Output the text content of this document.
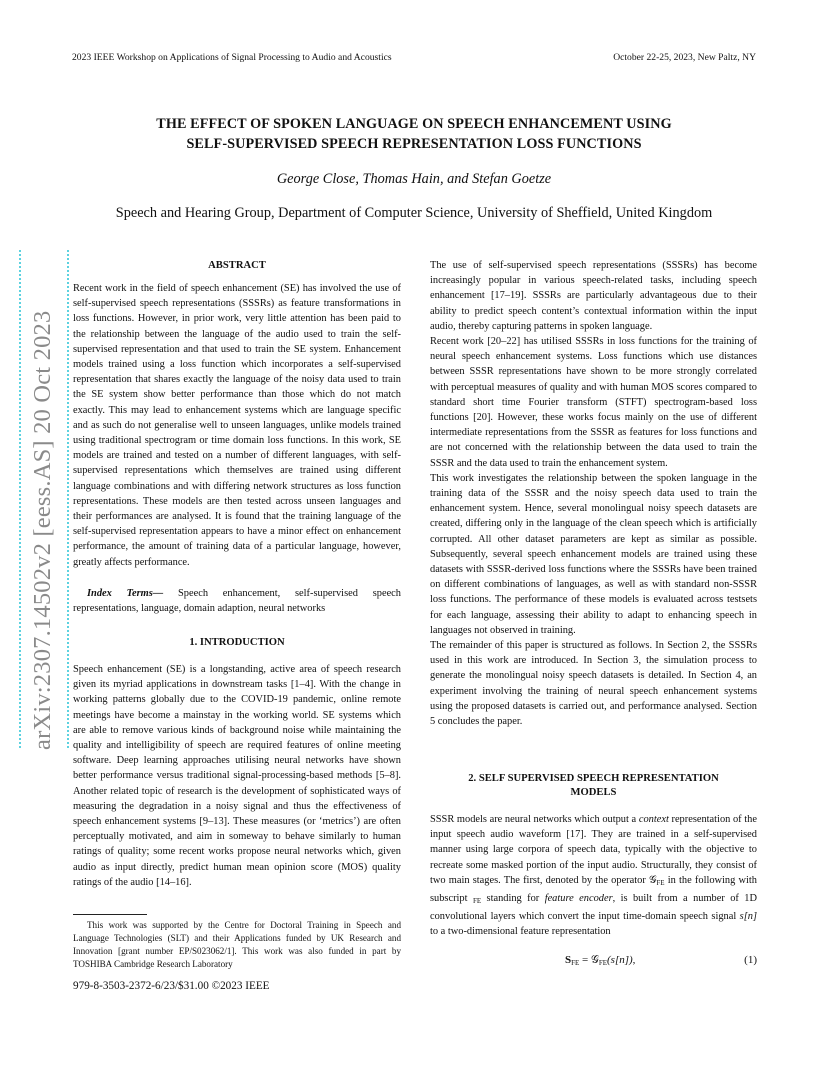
2023 IEEE Workshop on Applications of Signal Processing to Audio and Acoustics	October 22-25, 2023, New Paltz, NY
THE EFFECT OF SPOKEN LANGUAGE ON SPEECH ENHANCEMENT USING
SELF-SUPERVISED SPEECH REPRESENTATION LOSS FUNCTIONS
George Close, Thomas Hain, and Stefan Goetze
Speech and Hearing Group, Department of Computer Science, University of Sheffield, United Kingdom
arXiv:2307.14502v2 [eess.AS] 20 Oct 2023
ABSTRACT

Recent work in the field of speech enhancement (SE) has involved the use of self-supervised speech representations (SSSRs) as feature transformations in loss functions. However, in prior work, very little attention has been paid to the relationship between the language of the audio used to train the self-supervised representation and that used to train the SE system. Enhancement models trained using a loss function which incorporates a self-supervised representation that shares exactly the language of the noisy data used to train the SE system show better performance than those which do not match exactly. This may lead to enhancement systems which are language specific and as such do not generalise well to unseen languages, unlike models trained using traditional spectrogram or time domain loss functions. In this work, SE models are trained and tested on a number of different languages, with self-supervised representations which themselves are trained using different language combinations and with differing network structures as loss function representations. These models are then tested across unseen languages and their performances are analysed. It is found that the training language of the self-supervised representation appears to have a minor effect on enhancement performance, the amount of training data of a particular language, however, greatly affects performance.

Index Terms— Speech enhancement, self-supervised speech representations, language, domain adaption, neural networks

1. INTRODUCTION

Speech enhancement (SE) is a longstanding, active area of speech research given its myriad applications in downstream tasks [1–4]. With the change in working patterns globally due to the COVID-19 pandemic, online remote meetings have become a mainstay in the working world. SE systems which are able to remove various kinds of background noise while maintaining the quality and intelligibility of speech are required features of online meeting software. Deep learning approaches utilising neural networks have shown better performance versus traditional signal-processing-based methods [5–8]. Another related topic of research is the development of sophisticated ways of measuring the degradation in a noisy signal and thus the effectiveness of speech enhancement systems [9–13]. These measures (or ‘metrics’) are often perceptually motivated, and aim in someway to behave similarly to human ratings of quality; some recent works propose neural networks which, given audio as input directly, predict human mean opinion score (MOS) quality ratings of the audio [14–16].

This work was supported by the Centre for Doctoral Training in Speech and Language Technologies (SLT) and their Applications funded by UK Research and Innovation [grant number EP/S023062/1]. This work was also funded in part by TOSHIBA Cambridge Research Laboratory

979-8-3503-2372-6/23/$31.00 ©2023 IEEE

The use of self-supervised speech representations (SSSRs) has become increasingly popular in various speech-related tasks, including speech enhancement [17–19]. SSSRs are particularly advantageous due to their ability to predict speech content’s contextual information within the input audio, thereby capturing patterns in spoken language.

Recent work [20–22] has utilised SSSRs in loss functions for the training of neural speech enhancement systems. Loss functions which use distances between SSSR representations have shown to be more strongly correlated with perceptual measures of quality and with human MOS scores compared to standard short time Fourier transform (STFT) spectrogram-based loss functions [20]. However, these works focus mainly on the use of different intermediate representations from the SSSR as features for loss functions and are not concerned with the relationship between the data used to train the SSSR and the data used to train the enhancement system.

This work investigates the relationship between the spoken language in the training data of the SSSR and the noisy speech data used to train the enhancement system. Hence, several monolingual noisy speech datasets are created, differing only in the language of the clean speech which is artificially corrupted. All other dataset parameters are kept as similar as possible. Subsequently, several speech enhancement models are trained using these datasets with SSSR-derived loss functions where the SSSRs have been trained on different combinations of languages, as well as with standard non-SSSR loss functions. The performance of these models is evaluated across testsets for each language, assessing their ability to adapt to enhancing speech in languages not observed in training.

The remainder of this paper is structured as follows. In Section 2, the SSSRs used in this work are introduced. In Section 3, the simulation process to generate the monolingual noisy speech datasets is detailed. In Section 4, an experiment involving the training of neural speech enhancement systems using the proposed datasets is carried out, and performance analysed. Section 5 concludes the paper.

2. SELF SUPERVISED SPEECH REPRESENTATION
MODELS

SSSR models are neural networks which output a context representation of the input speech audio waveform [17]. They are trained in a self-supervised manner using large corpora of speech data, typically with the objective to recreate some masked portion of the input audio. Structurally, they consist of two main stages. The first, denoted by the operator 𝒢$_{FE}$ in the following with subscript $_{FE}$ standing for feature encoder, is built from a number of 1D convolutional layers which convert the input time-domain speech signal s[n] to a two-dimensional feature representation

$S_{FE}$ = 𝒢$_{FE}$(s[n]),	(1)
